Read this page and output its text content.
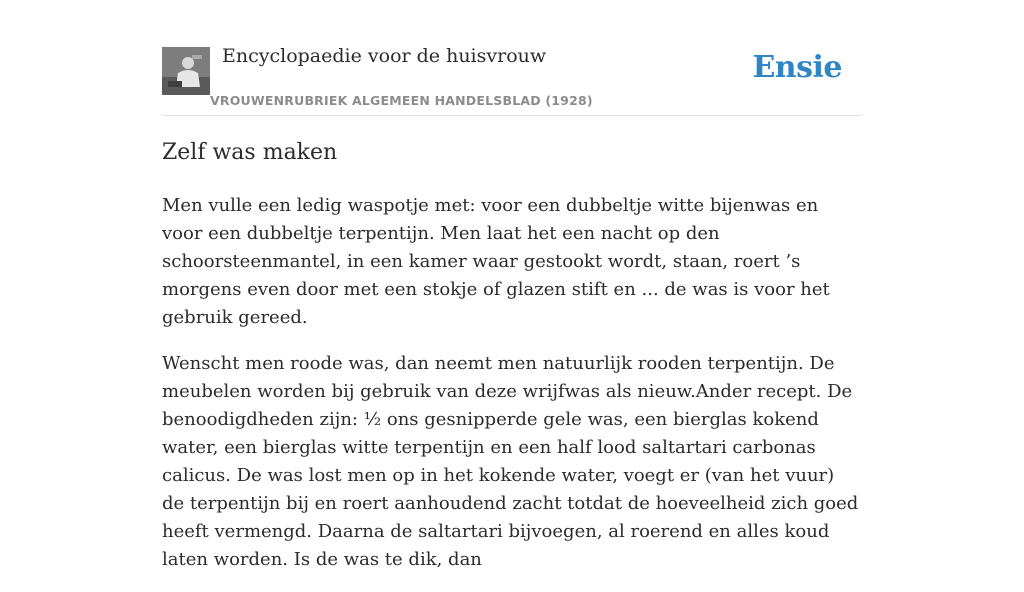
Encyclopaedie voor de huisvrouw
VROUWENRUBRIEK ALGEMEEN HANDELSBLAD (1928)
Ensie
Zelf was maken

Men vulle een ledig waspotje met: voor een dubbeltje witte bijenwas en voor een dubbeltje terpentijn. Men laat het een nacht op den schoorsteenmantel, in een kamer waar gestookt wordt, staan, roert ’s morgens even door met een stokje of glazen stift en ... de was is voor het gebruik gereed.

Wenscht men roode was, dan neemt men natuurlijk rooden terpentijn. De meubelen worden bij gebruik van deze wrijfwas als nieuw.Ander recept. De benoodigdheden zijn: ½ ons gesnipperde gele was, een bierglas kokend water, een bierglas witte terpentijn en een half lood saltartari carbonas calicus. De was lost men op in het kokende water, voegt er (van het vuur) de terpentijn bij en roert aanhoudend zacht totdat de hoeveelheid zich goed heeft vermengd. Daarna de saltartari bijvoegen, al roerend en alles koud laten worden. Is de was te dik, dan
